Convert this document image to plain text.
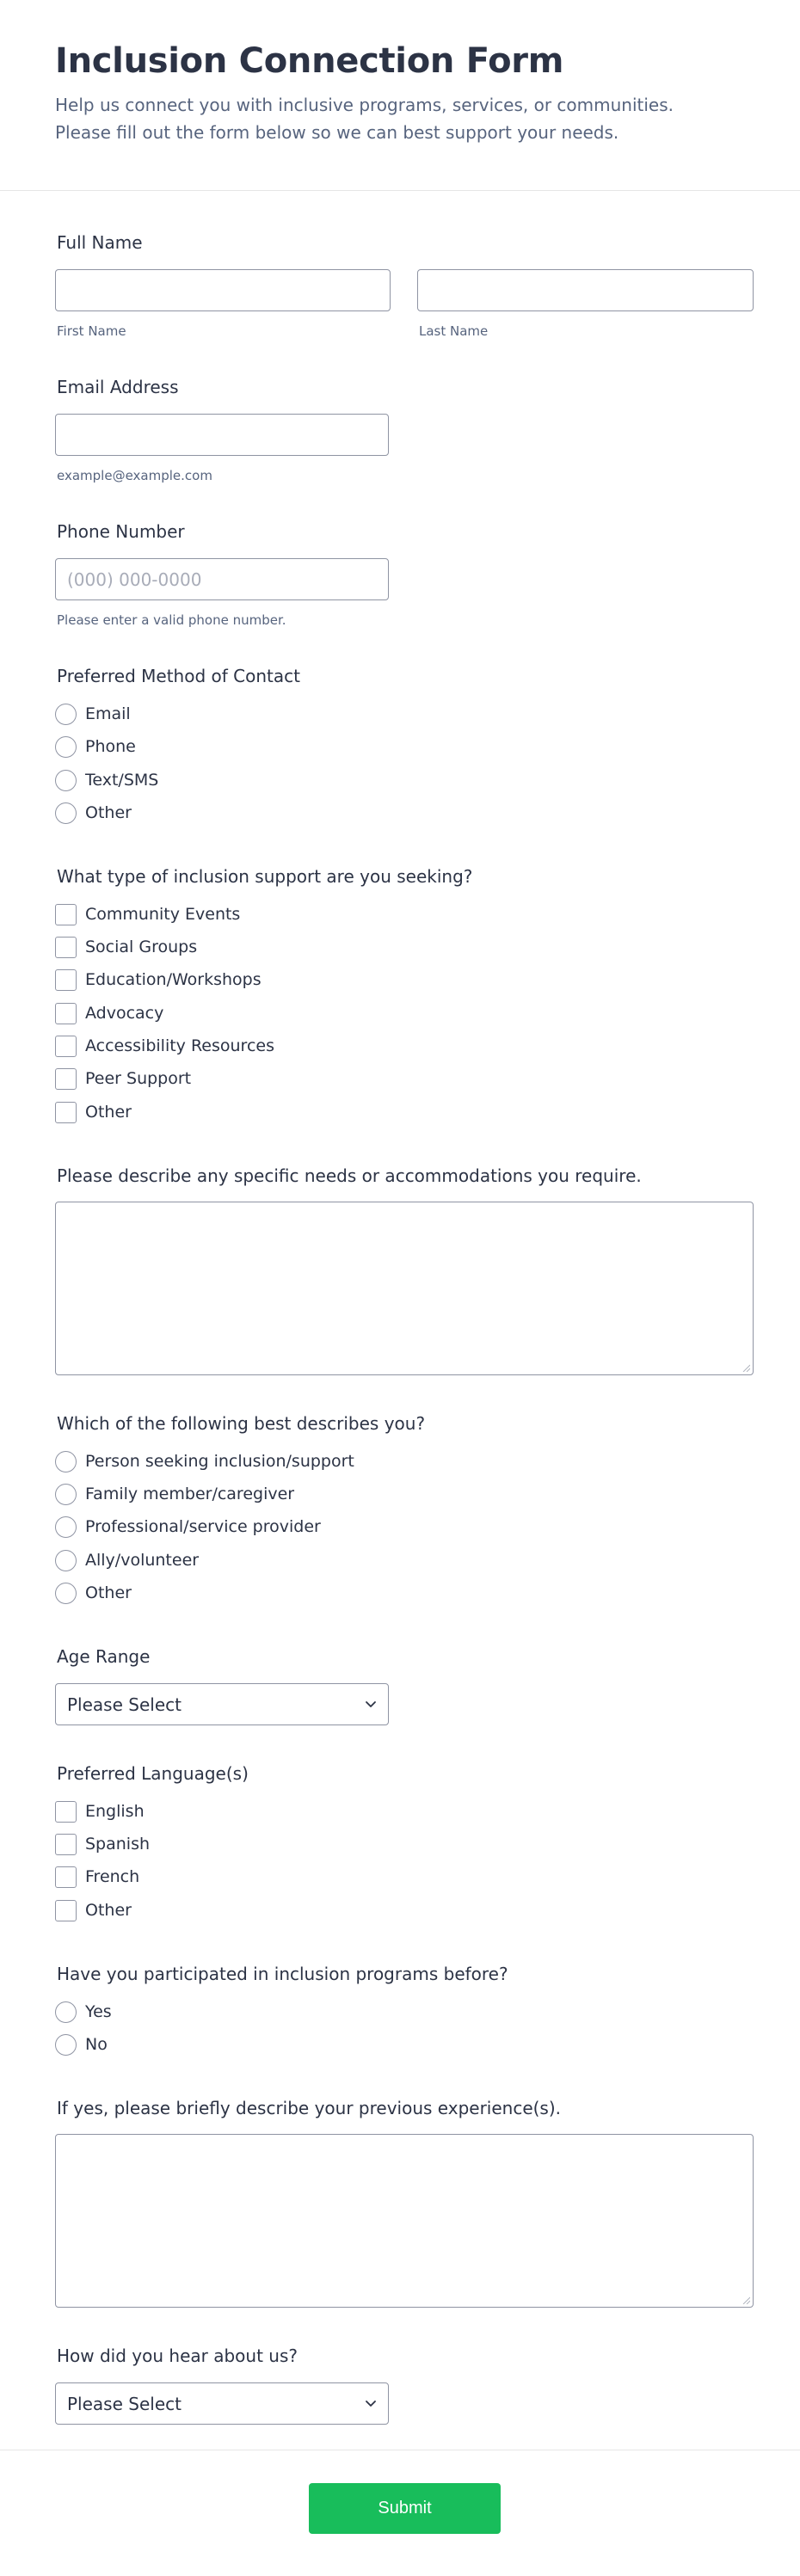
Inclusion Connection Form

Help us connect you with inclusive programs, services, or communities. Please fill out the form below so we can best support your needs.

Full Name
First Name	Last Name
Email Address
example@example.com
Phone Number
(000) 000-0000
Please enter a valid phone number.
Preferred Method of Contact
Email
Phone
Text/SMS
Other
What type of inclusion support are you seeking?
Community Events
Social Groups
Education/Workshops
Advocacy
Accessibility Resources
Peer Support
Other
Please describe any specific needs or accommodations you require.
Which of the following best describes you?
Person seeking inclusion/support
Family member/caregiver
Professional/service provider
Ally/volunteer
Other
Age Range
Please Select
Preferred Language(s)
English
Spanish
French
Other
Have you participated in inclusion programs before?
Yes
No
If yes, please briefly describe your previous experience(s).
How did you hear about us?
Please Select
Submit
